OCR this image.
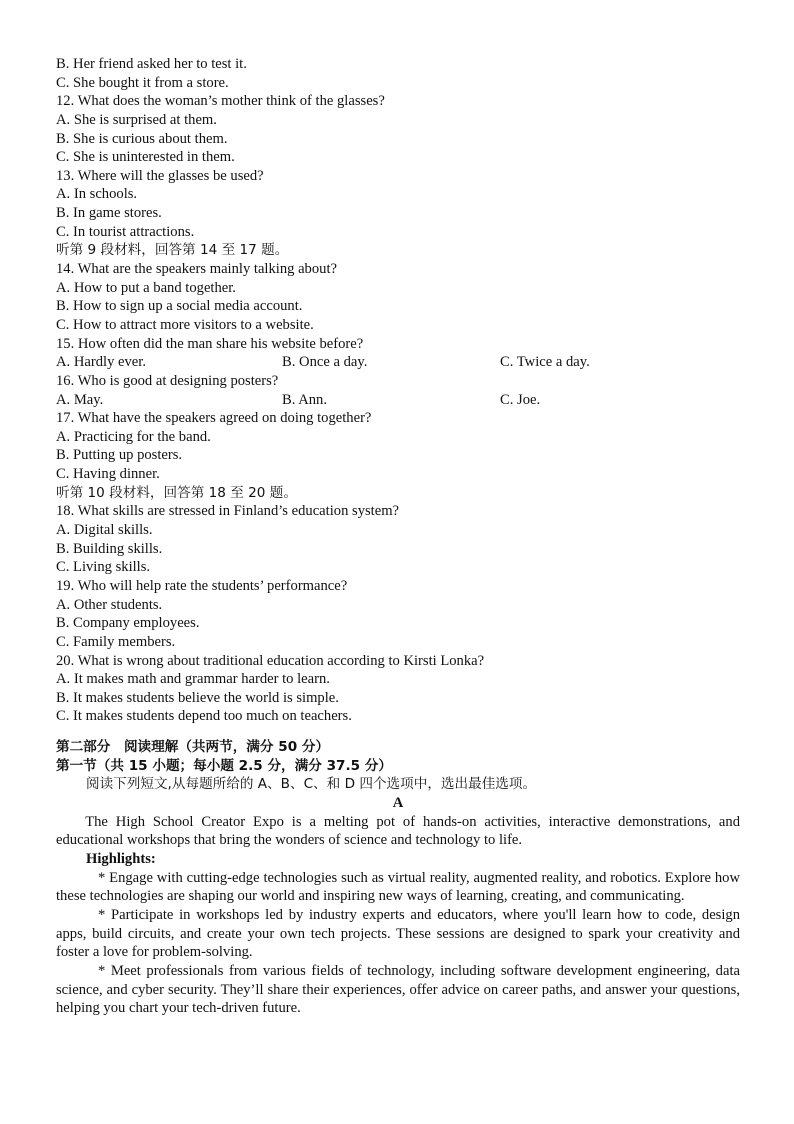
B. Her friend asked her to test it.
C. She bought it from a store.
12. What does the woman’s mother think of the glasses?
A. She is surprised at them.
B. She is curious about them.
C. She is uninterested in them.
13. Where will the glasses be used?
A. In schools.
B. In game stores.
C. In tourist attractions.
听第 9 段材料，回答第 14 至 17 题。
14. What are the speakers mainly talking about?
A. How to put a band together.
B. How to sign up a social media account.
C. How to attract more visitors to a website.
15. How often did the man share his website before?
A. Hardly ever.	B. Once a day.	C. Twice a day.
16. Who is good at designing posters?
A. May.	B. Ann.	C. Joe.
17. What have the speakers agreed on doing together?
A. Practicing for the band.
B. Putting up posters.
C. Having dinner.
听第 10 段材料，回答第 18 至 20 题。
18. What skills are stressed in Finland’s education system?
A. Digital skills.
B. Building skills.
C. Living skills.
19. Who will help rate the students’ performance?
A. Other students.
B. Company employees.
C. Family members.
20. What is wrong about traditional education according to Kirsti Lonka?
A. It makes math and grammar harder to learn.
B. It makes students believe the world is simple.
C. It makes students depend too much on teachers.
第二部分　阅读理解（共两节，满分 50 分）
第一节（共 15 小题；每小题 2.5 分，满分 37.5 分）
阅读下列短文,从每题所给的 A、B、C、和 D 四个选项中，选出最佳选项。
A
The High School Creator Expo is a melting pot of hands-on activities, interactive demonstrations, and educational workshops that bring the wonders of science and technology to life.
Highlights:
* Engage with cutting-edge technologies such as virtual reality, augmented reality, and robotics. Explore how these technologies are shaping our world and inspiring new ways of learning, creating, and communicating.
* Participate in workshops led by industry experts and educators, where you'll learn how to code, design apps, build circuits, and create your own tech projects. These sessions are designed to spark your creativity and foster a love for problem-solving.
* Meet professionals from various fields of technology, including software development engineering, data science, and cyber security. They’ll share their experiences, offer advice on career paths, and answer your questions, helping you chart your tech-driven future.
